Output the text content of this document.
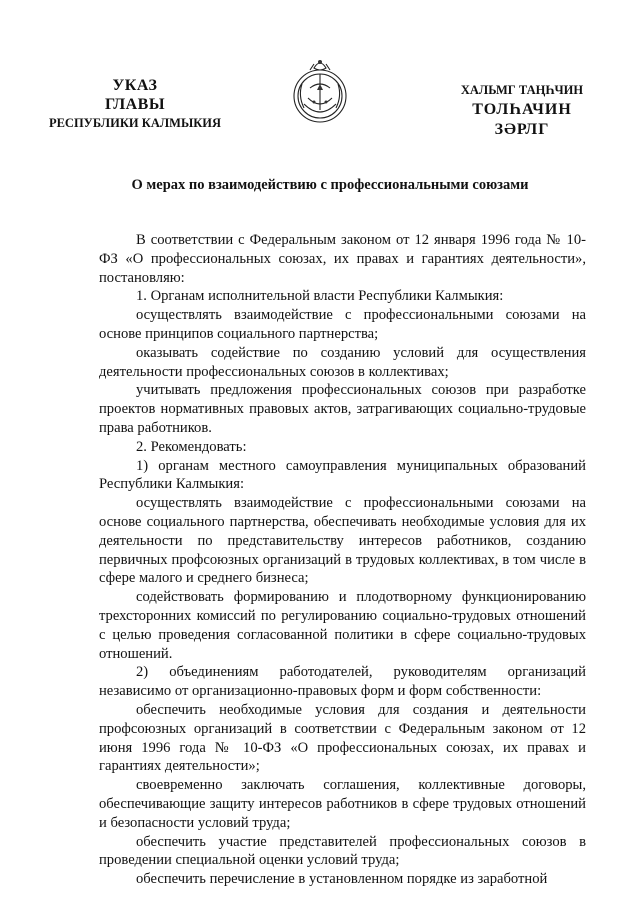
УКАЗ
ГЛАВЫ
РЕСПУБЛИКИ КАЛМЫКИЯ
ХАЛЬМГ ТАҢҺЧИН
ТОЛҺАЧИН
ЗӘРЛГ
О мерах по взаимодействию с профессиональными союзами

В соответствии с Федеральным законом от 12 января 1996 года № 10-ФЗ «О профессиональных союзах, их правах и гарантиях деятельности», постановляю:

1. Органам исполнительной власти Республики Калмыкия:

осуществлять взаимодействие с профессиональными союзами на основе принципов социального партнерства;

оказывать содействие по созданию условий для осуществления деятельности профессиональных союзов в коллективах;

учитывать предложения профессиональных союзов при разработке проектов нормативных правовых актов, затрагивающих социально-трудовые права работников.

2. Рекомендовать:

1) органам местного самоуправления муниципальных образований Республики Калмыкия:

осуществлять взаимодействие с профессиональными союзами на основе социального партнерства, обеспечивать необходимые условия для их деятельности по представительству интересов работников, созданию первичных профсоюзных организаций в трудовых коллективах, в том числе в сфере малого и среднего бизнеса;

содействовать формированию и плодотворному функционированию трехсторонних комиссий по регулированию социально-трудовых отношений с целью проведения согласованной политики в сфере социально-трудовых отношений.

2) объединениям работодателей, руководителям организаций независимо от организационно-правовых форм и форм собственности:

обеспечить необходимые условия для создания и деятельности профсоюзных организаций в соответствии с Федеральным законом от 12 июня 1996 года № 10-ФЗ «О профессиональных союзах, их правах и гарантиях деятельности»;

своевременно заключать соглашения, коллективные договоры, обеспечивающие защиту интересов работников в сфере трудовых отношений и безопасности условий труда;

обеспечить участие представителей профессиональных союзов в проведении специальной оценки условий труда;

обеспечить перечисление в установленном порядке из заработной
